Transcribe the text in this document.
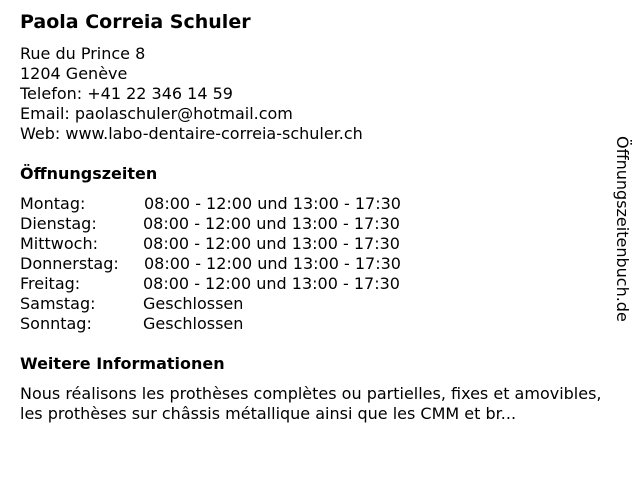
Paola Correia Schuler
Rue du Prince 8
1204 Genève
Telefon: +41 22 346 14 59
Email: paolaschuler@hotmail.com
Web: www.labo-dentaire-correia-schuler.ch
Öffnungszeiten
Montag:	08:00 - 12:00 und 13:00 - 17:30
Dienstag:	08:00 - 12:00 und 13:00 - 17:30
Mittwoch:	08:00 - 12:00 und 13:00 - 17:30
Donnerstag: 08:00 - 12:00 und 13:00 - 17:30
Freitag:	08:00 - 12:00 und 13:00 - 17:30
Samstag:	Geschlossen
Sonntag:	Geschlossen
Weitere Informationen
Nous réalisons les prothèses complètes ou partielles, fixes et amovibles, les prothèses sur châssis métallique ainsi que les CMM et br...
Öffnungszeitenbuch.de
